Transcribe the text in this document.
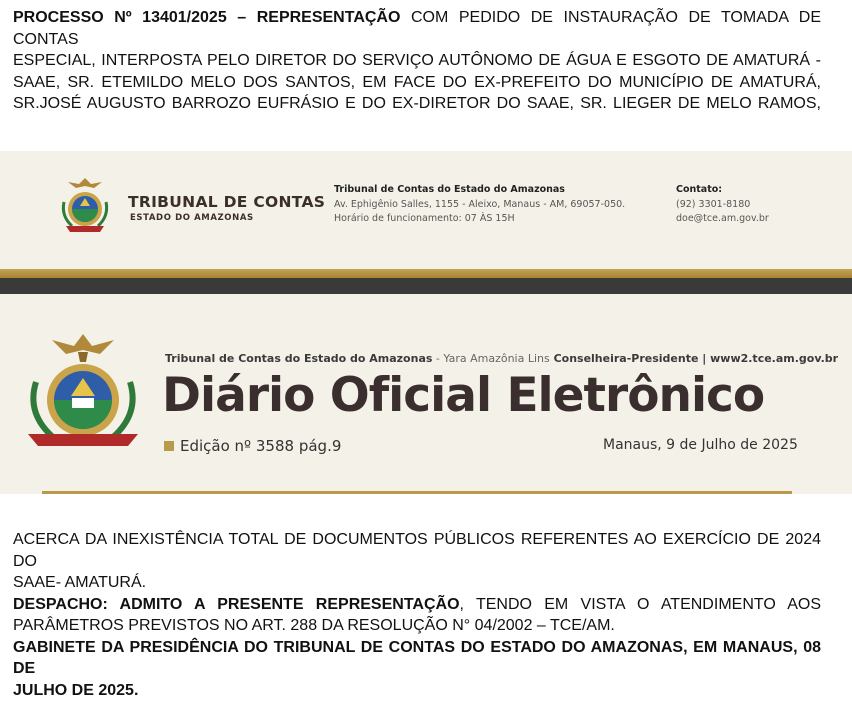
PROCESSO Nº 13401/2025 – REPRESENTAÇÃO COM PEDIDO DE INSTAURAÇÃO DE TOMADA DE CONTAS
ESPECIAL, INTERPOSTA PELO DIRETOR DO SERVIÇO AUTÔNOMO DE ÁGUA E ESGOTO DE AMATURÁ -
SAAE, SR. ETEMILDO MELO DOS SANTOS, EM FACE DO EX-PREFEITO DO MUNICÍPIO DE AMATURÁ,
SR.JOSÉ AUGUSTO BARROZO EUFRÁSIO E DO EX-DIRETOR DO SAAE, SR. LIEGER DE MELO RAMOS,
TRIBUNAL DE CONTAS
ESTADO DO AMAZONAS
Tribunal de Contas do Estado do Amazonas
Av. Ephigênio Salles, 1155 - Aleixo, Manaus - AM, 69057-050.
Horário de funcionamento: 07 ÀS 15H
Contato:
(92) 3301-8180
doe@tce.am.gov.br
Tribunal de Contas do Estado do Amazonas - Yara Amazônia Lins Conselheira-Presidente | www2.tce.am.gov.br
Diário Oficial Eletrônico
Edição nº 3588 pág.9	Manaus, 9 de Julho de 2025
ACERCA DA INEXISTÊNCIA TOTAL DE DOCUMENTOS PÚBLICOS REFERENTES AO EXERCÍCIO DE 2024 DO
SAAE- AMATURÁ.
DESPACHO: ADMITO A PRESENTE REPRESENTAÇÃO, TENDO EM VISTA O ATENDIMENTO AOS
PARÂMETROS PREVISTOS NO ART. 288 DA RESOLUÇÃO N° 04/2002 – TCE/AM.
GABINETE DA PRESIDÊNCIA DO TRIBUNAL DE CONTAS DO ESTADO DO AMAZONAS, EM MANAUS, 08 DE
JULHO DE 2025.
